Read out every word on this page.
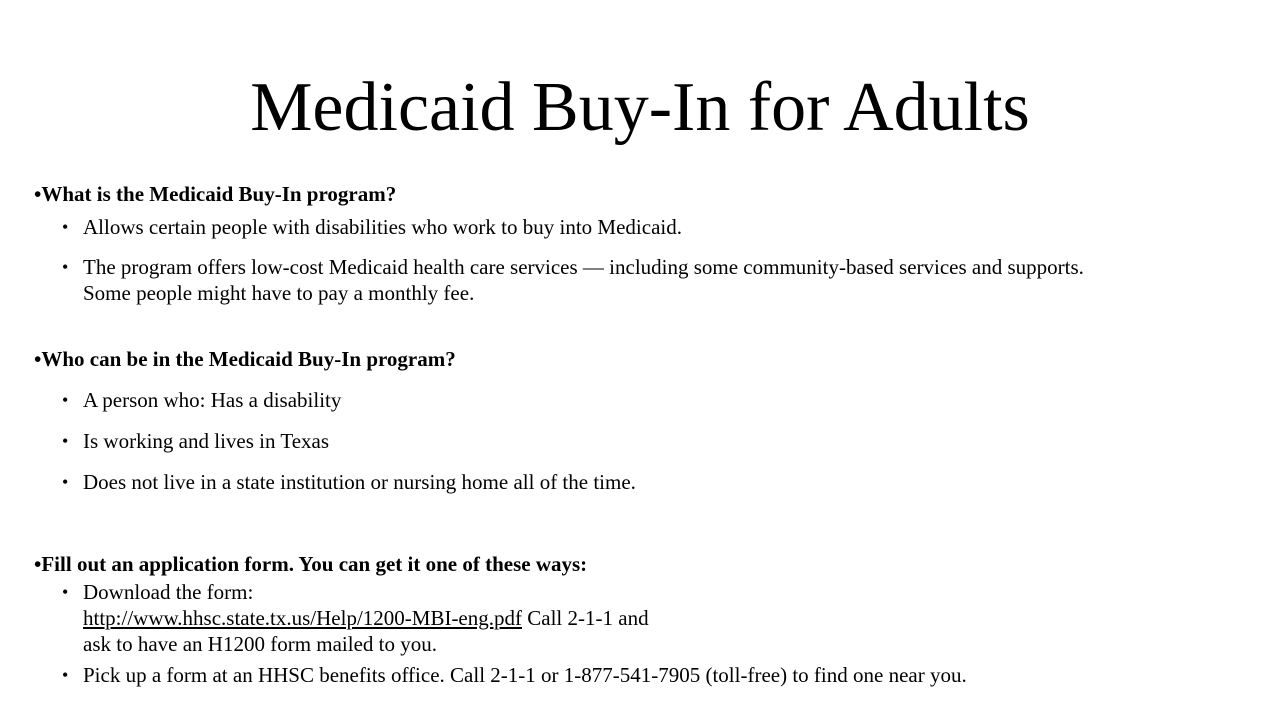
Medicaid Buy-In for Adults
•What is the Medicaid Buy-In program?
• Allows certain people with disabilities who work to buy into Medicaid.
• The program offers low-cost Medicaid health care services — including some community-based services and supports.
Some people might have to pay a monthly fee.
•Who can be in the Medicaid Buy-In program?
• A person who: Has a disability
• Is working and lives in Texas
• Does not live in a state institution or nursing home all of the time.
•Fill out an application form. You can get it one of these ways:
• Download the form:
http://www.hhsc.state.tx.us/Help/1200-MBI-eng.pdf Call 2-1-1 and
ask to have an H1200 form mailed to you.
• Pick up a form at an HHSC benefits office. Call 2-1-1 or 1-877-541-7905 (toll-free) to find one near you.
